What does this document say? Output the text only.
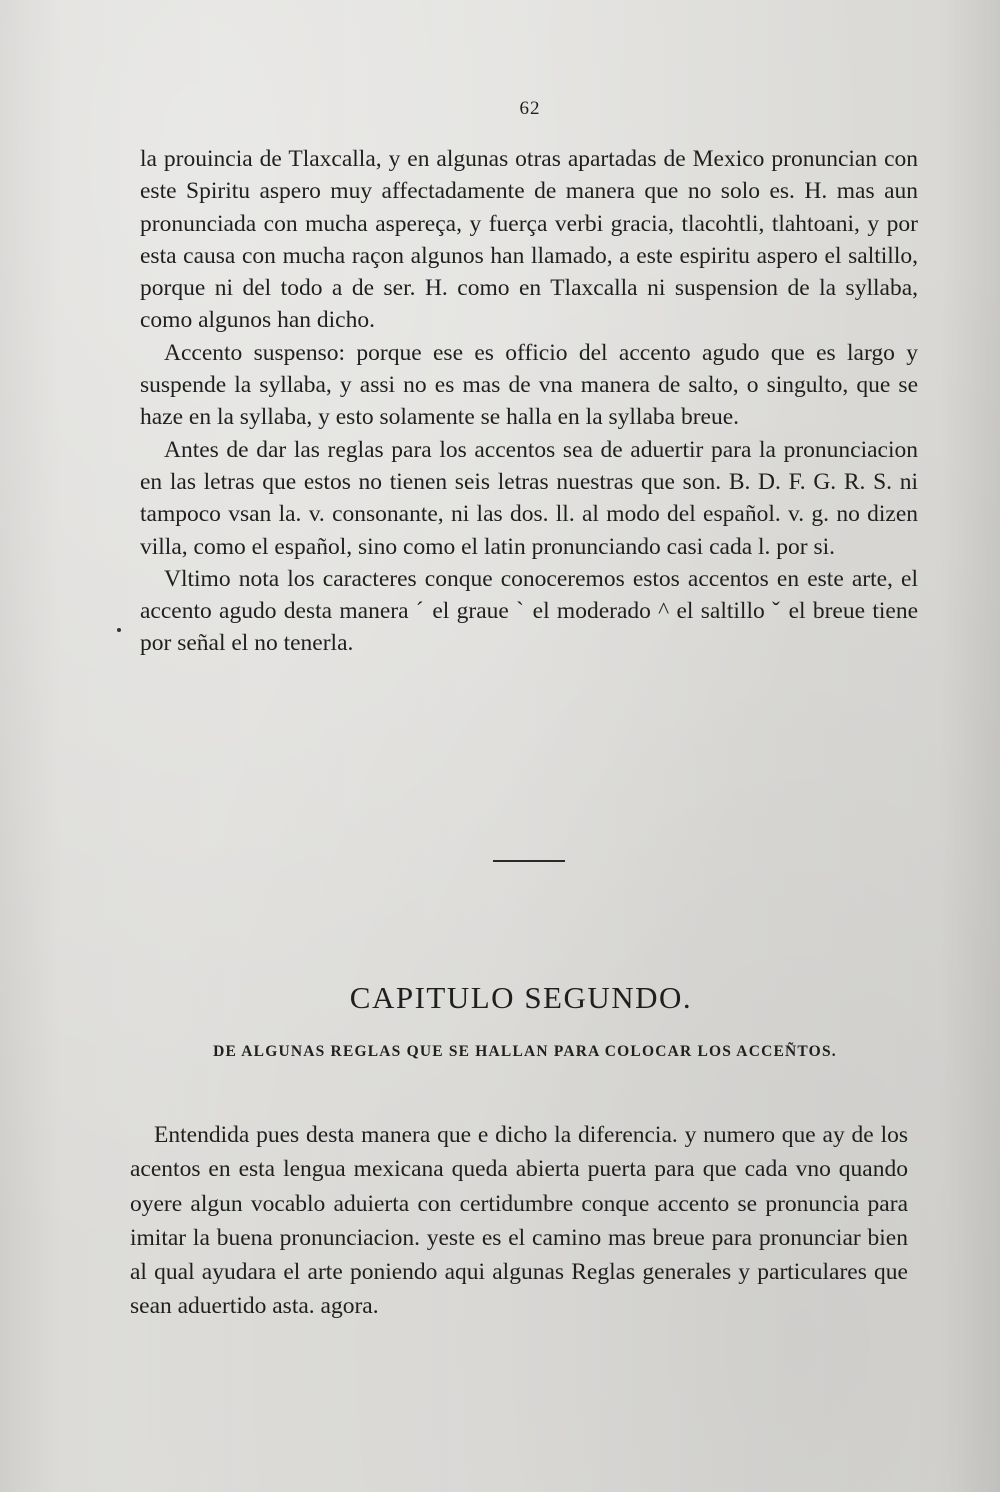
62

la prouincia de Tlaxcalla, y en algunas otras apartadas de Mexico pronuncian con este Spiritu aspero muy affectadamente de manera que no solo es. H. mas aun pronunciada con mucha aspereça, y fuerça verbi gracia, tlacohtli, tlahtoani, y por esta causa con mucha raçon algunos han llamado, a este espiritu aspero el saltillo, porque ni del todo a de ser. H. como en Tlaxcalla ni suspension de la syllaba, como algunos han dicho.

Accento suspenso: porque ese es officio del accento agudo que es largo y suspende la syllaba, y assi no es mas de vna manera de salto, o singulto, que se haze en la syllaba, y esto solamente se halla en la syllaba breue.

Antes de dar las reglas para los accentos sea de aduertir para la pronunciacion en las letras que estos no tienen seis letras nuestras que son. B. D. F. G. R. S. ni tampoco vsan la. v. consonante, ni las dos. ll. al modo del español. v. g. no dizen villa, como el español, sino como el latin pronunciando casi cada l. por si.

Vltimo nota los caracteres conque conoceremos estos accentos en este arte, el accento agudo desta manera ˊ el graue ˋ el moderado ^ el saltillo ˇ el breue tiene por señal el no tenerla.

CAPITULO SEGUNDO.
DE ALGUNAS REGLAS QUE SE HALLAN PARA COLOCAR LOS ACCEÑTOS.

Entendida pues desta manera que e dicho la diferencia. y numero que ay de los acentos en esta lengua mexicana queda abierta puerta para que cada vno quando oyere algun vocablo aduierta con certidumbre conque accento se pronuncia para imitar la buena pronunciacion. yeste es el camino mas breue para pronunciar bien al qual ayudara el arte poniendo aqui algunas Reglas generales y particulares que sean aduertido asta. agora.
